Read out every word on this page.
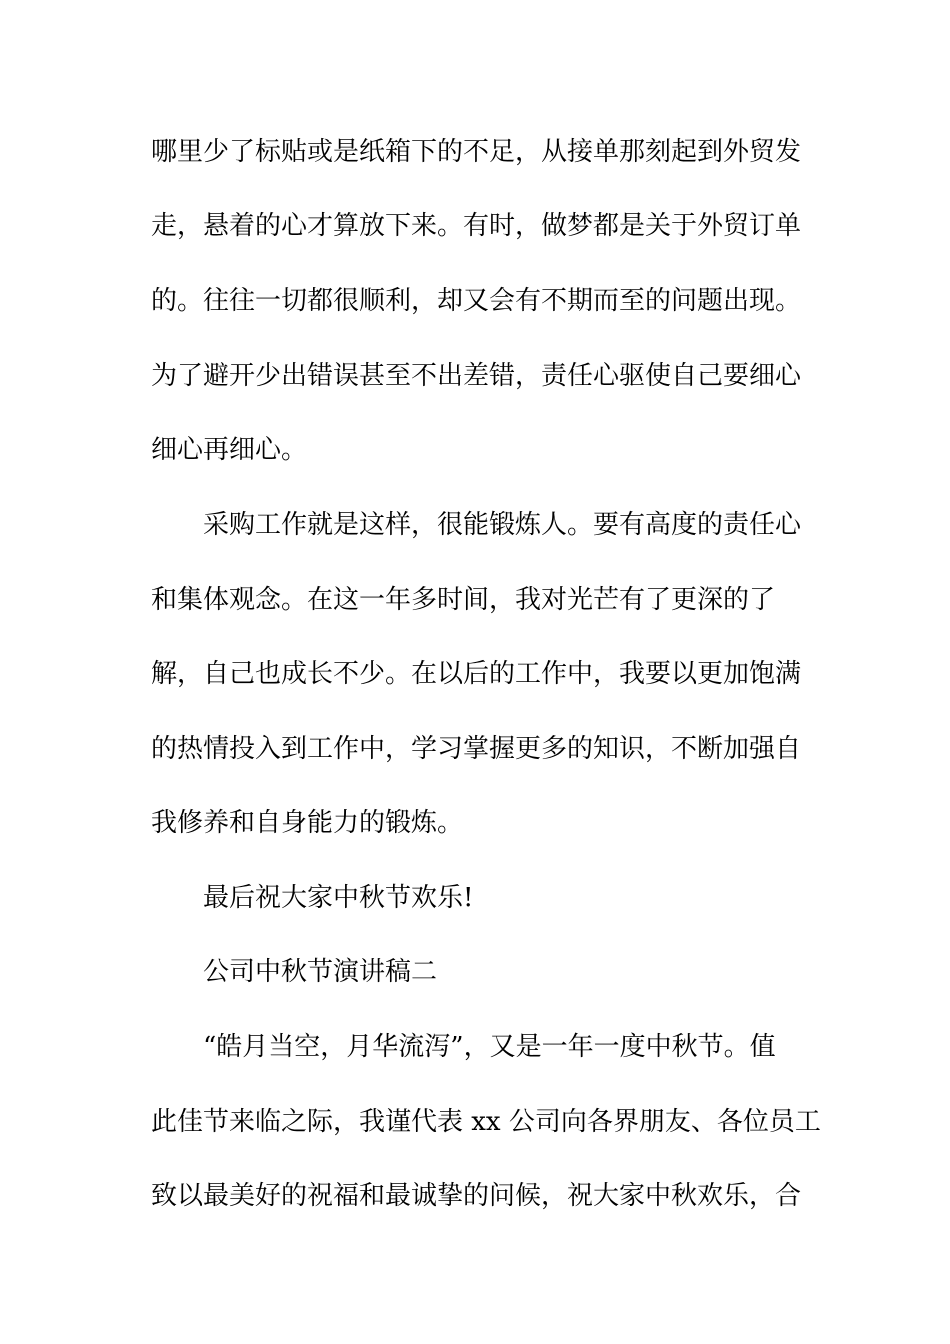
哪里少了标贴或是纸箱下的不足，从接单那刻起到外贸发
走，悬着的心才算放下来。有时，做梦都是关于外贸订单
的。往往一切都很顺利，却又会有不期而至的问题出现。
为了避开少出错误甚至不出差错，责任心驱使自己要细心
细心再细心。
采购工作就是这样，很能锻炼人。要有高度的责任心
和集体观念。在这一年多时间，我对光芒有了更深的了
解，自己也成长不少。在以后的工作中，我要以更加饱满
的热情投入到工作中，学习掌握更多的知识，不断加强自
我修养和自身能力的锻炼。
最后祝大家中秋节欢乐!
公司中秋节演讲稿二
“皓月当空，月华流泻”，又是一年一度中秋节。值
此佳节来临之际，我谨代表 xx 公司向各界朋友、各位员工
致以最美好的祝福和最诚挚的问候，祝大家中秋欢乐，合
